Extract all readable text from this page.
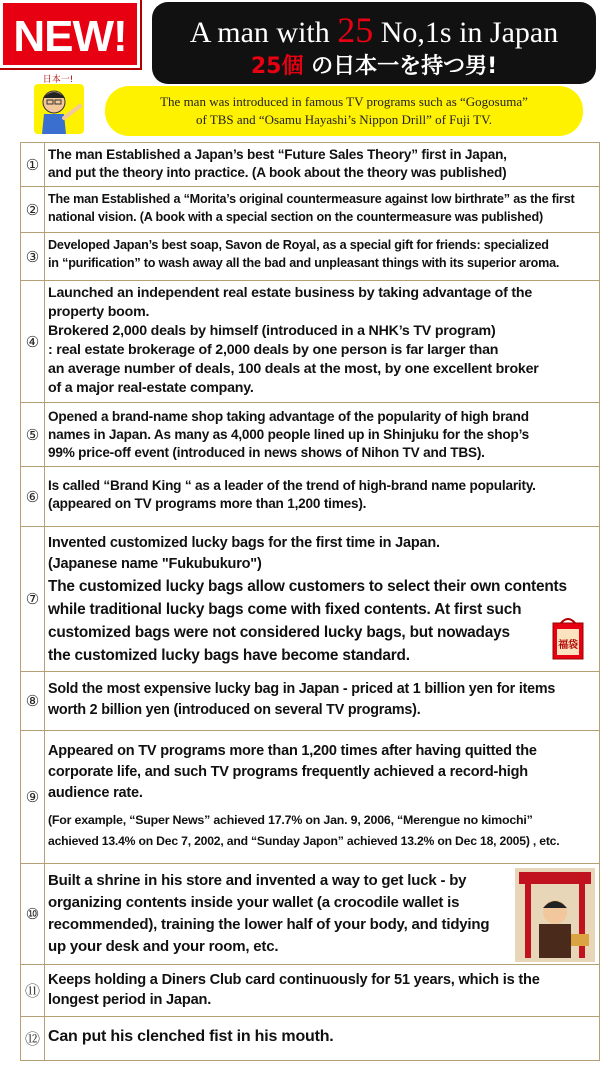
NEW!	A man with 25 No,1s in Japan
25個 の日本一を持つ男!
日本一!
The man was introduced in famous TV programs such as “Gogosuma”
of TBS and “Osamu Hayashi’s Nippon Drill” of Fuji TV.
①
The man Established a Japan’s best “Future Sales Theory” first in Japan,
and put the theory into practice. (A book about the theory was published)
②
The man Established a “Morita’s original countermeasure against low birthrate” as the first
national vision. (A book with a special section on the countermeasure was published)
③
Developed Japan’s best soap, Savon de Royal, as a special gift for friends: specialized
in “purification” to wash away all the bad and unpleasant things with its superior aroma.
④
Launched an independent real estate business by taking advantage of the
property boom.
Brokered 2,000 deals by himself (introduced in a NHK’s TV program)
: real estate brokerage of 2,000 deals by one person is far larger than
an average number of deals, 100 deals at the most, by one excellent broker
of a major real-estate company.
⑤
Opened a brand-name shop taking advantage of the popularity of high brand
names in Japan. As many as 4,000 people lined up in Shinjuku for the shop’s
99% price-off event (introduced in news shows of Nihon TV and TBS).
⑥
Is called “Brand King “ as a leader of the trend of high-brand name popularity.
(appeared on TV programs more than 1,200 times).
⑦
Invented customized lucky bags for the first time in Japan.
(Japanese name "Fukubukuro")
The customized lucky bags allow customers to select their own contents
while traditional lucky bags come with fixed contents. At first such
customized bags were not considered lucky bags, but nowadays
the customized lucky bags have become standard.
福袋
⑧
Sold the most expensive lucky bag in Japan - priced at 1 billion yen for items
worth 2 billion yen (introduced on several TV programs).
⑨
Appeared on TV programs more than 1,200 times after having quitted the
corporate life, and such TV programs frequently achieved a record-high
audience rate.
(For example, “Super News” achieved 17.7% on Jan. 9, 2006, “Merengue no kimochi”
achieved 13.4% on Dec 7, 2002, and “Sunday Japon” achieved 13.2% on Dec 18, 2005) , etc.
⑩
Built a shrine in his store and invented a way to get luck - by
organizing contents inside your wallet (a crocodile wallet is
recommended), training the lower half of your body, and tidying
up your desk and your room, etc.
⑪
Keeps holding a Diners Club card continuously for 51 years, which is the
longest period in Japan.
⑫ Can put his clenched fist in his mouth.
